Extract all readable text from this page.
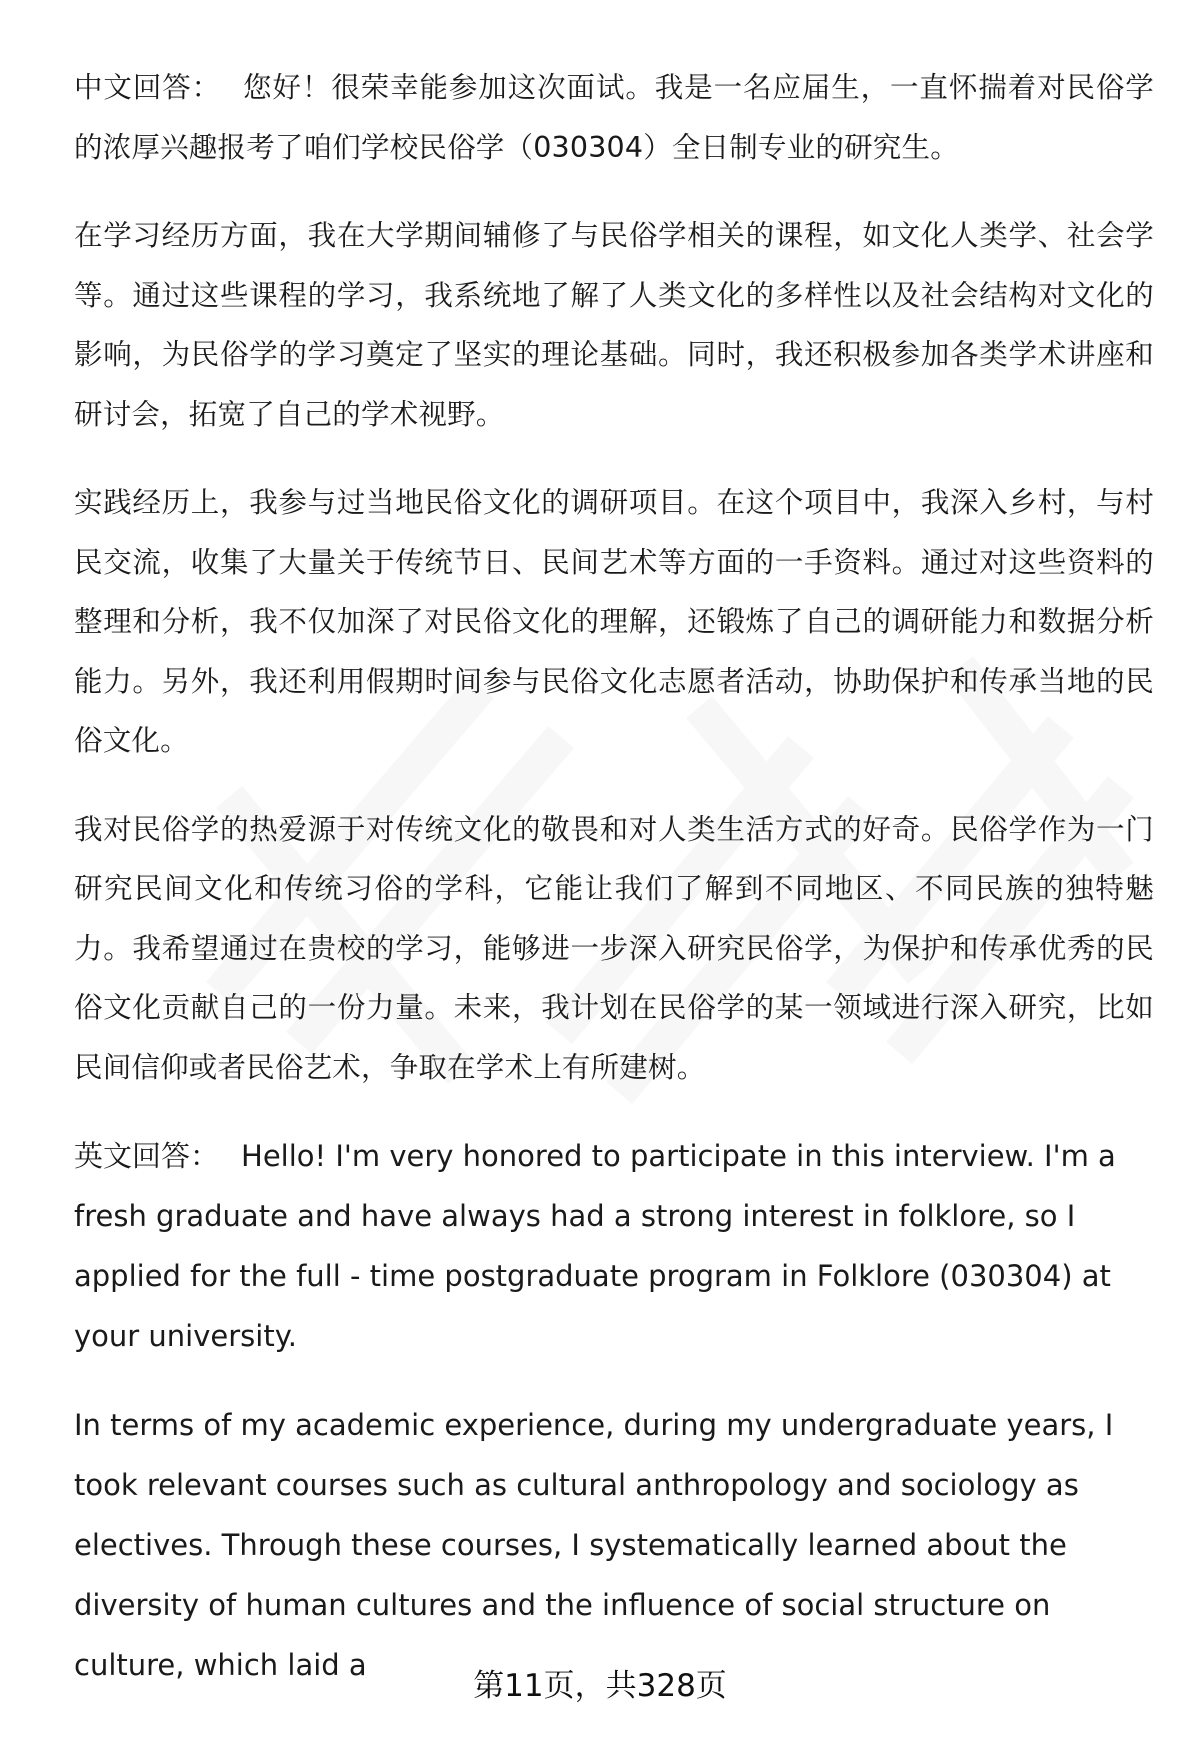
中文回答： 您好！很荣幸能参加这次面试。我是一名应届生，一直怀揣着对民俗学的浓厚兴趣报考了咱们学校民俗学（030304）全日制专业的研究生。

在学习经历方面，我在大学期间辅修了与民俗学相关的课程，如文化人类学、社会学等。通过这些课程的学习，我系统地了解了人类文化的多样性以及社会结构对文化的影响，为民俗学的学习奠定了坚实的理论基础。同时，我还积极参加各类学术讲座和研讨会，拓宽了自己的学术视野。

实践经历上，我参与过当地民俗文化的调研项目。在这个项目中，我深入乡村，与村民交流，收集了大量关于传统节日、民间艺术等方面的一手资料。通过对这些资料的整理和分析，我不仅加深了对民俗文化的理解，还锻炼了自己的调研能力和数据分析能力。另外，我还利用假期时间参与民俗文化志愿者活动，协助保护和传承当地的民俗文化。

我对民俗学的热爱源于对传统文化的敬畏和对人类生活方式的好奇。民俗学作为一门研究民间文化和传统习俗的学科，它能让我们了解到不同地区、不同民族的独特魅力。我希望通过在贵校的学习，能够进一步深入研究民俗学，为保护和传承优秀的民俗文化贡献自己的一份力量。未来，我计划在民俗学的某一领域进行深入研究，比如民间信仰或者民俗艺术，争取在学术上有所建树。

英文回答： Hello! I'm very honored to participate in this interview. I'm a fresh graduate and have always had a strong interest in folklore, so I applied for the full - time postgraduate program in Folklore (030304) at your university.

In terms of my academic experience, during my undergraduate years, I took relevant courses such as cultural anthropology and sociology as electives. Through these courses, I systematically learned about the diversity of human cultures and the influence of social structure on culture, which laid a

第11页，共328页
